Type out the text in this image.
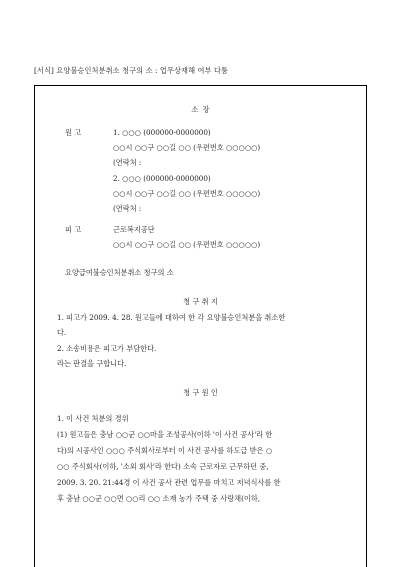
[서식] 요양불승인처분취소 청구의 소 : 업무상재해 여부 다툼
소 장
원 고	1. ○○○ (000000-0000000)
○○시 ○○구 ○○길 ○○ (우편번호 ○○○○○)
(연락처 :
2. ○○○ (000000-0000000)
○○시 ○○구 ○○길 ○○ (우편번호 ○○○○○)
(연락처 :
피 고	근로복지공단
○○시 ○○구 ○○길 ○○ (우편번호 ○○○○○)
요양급여불승인처분취소 청구의 소
청 구 취 지
1. 피고가 2009. 4. 28. 원고들에 대하여 한 각 요양불승인처분을 취소한
다.
2. 소송비용은 피고가 부담한다.
라는 판결을 구합니다.
청 구 원 인
1. 이 사건 처분의 경위
(1) 원고들은 충남 ○○군 ○○마을 조성공사(이하 '이 사건 공사'라 한
다)의 시공사인 ○○○ 주식회사로부터 이 사건 공사를 하도급 받은 ○
○○ 주식회사(이하, '소외 회사'라 한다) 소속 근로자로 근무하던 중,
2009. 3. 20. 21:44경 이 사건 공사 관련 업무를 마치고 저녁식사를 한
후 충남 ○○군 ○○면 ○○리 ○○ 소재 농가 주택 중 사랑채(이하,
